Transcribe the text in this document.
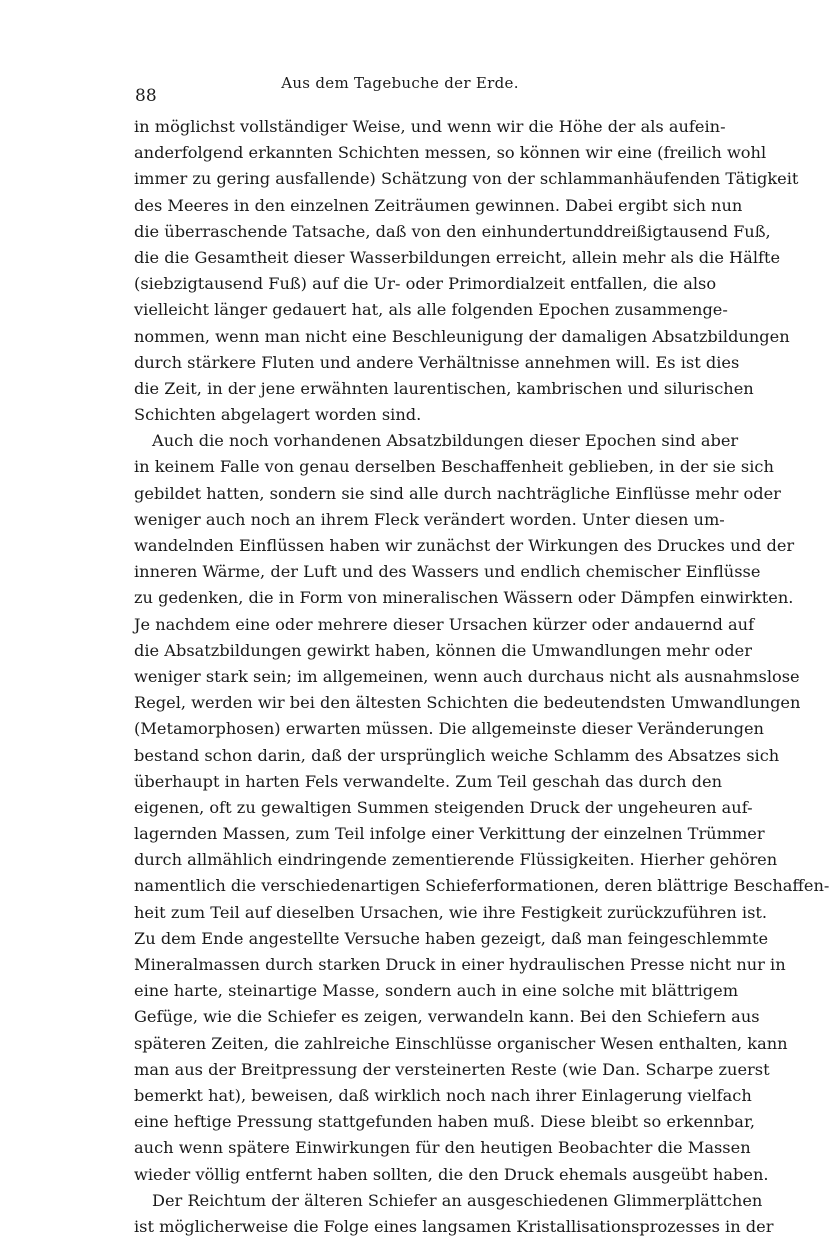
Aus dem Tagebuche der Erde.
88
in möglichst vollständiger Weise, und wenn wir die Höhe der als aufein-
anderfolgend erkannten Schichten messen, so können wir eine (freilich wohl
immer zu gering ausfallende) Schätzung von der schlammanhäufenden Tätigkeit
des Meeres in den einzelnen Zeiträumen gewinnen. Dabei ergibt sich nun
die überraschende Tatsache, daß von den einhundertunddreißigtausend Fuß,
die die Gesamtheit dieser Wasserbildungen erreicht, allein mehr als die Hälfte
(siebzigtausend Fuß) auf die Ur- oder Primordialzeit entfallen, die also
vielleicht länger gedauert hat, als alle folgenden Epochen zusammenge-
nommen, wenn man nicht eine Beschleunigung der damaligen Absatzbildungen
durch stärkere Fluten und andere Verhältnisse annehmen will. Es ist dies
die Zeit, in der jene erwähnten laurentischen, kambrischen und silurischen
Schichten abgelagert worden sind.
Auch die noch vorhandenen Absatzbildungen dieser Epochen sind aber
in keinem Falle von genau derselben Beschaffenheit geblieben, in der sie sich
gebildet hatten, sondern sie sind alle durch nachträgliche Einflüsse mehr oder
weniger auch noch an ihrem Fleck verändert worden. Unter diesen um-
wandelnden Einflüssen haben wir zunächst der Wirkungen des Druckes und der
inneren Wärme, der Luft und des Wassers und endlich chemischer Einflüsse
zu gedenken, die in Form von mineralischen Wässern oder Dämpfen einwirkten.
Je nachdem eine oder mehrere dieser Ursachen kürzer oder andauernd auf
die Absatzbildungen gewirkt haben, können die Umwandlungen mehr oder
weniger stark sein; im allgemeinen, wenn auch durchaus nicht als ausnahmslose
Regel, werden wir bei den ältesten Schichten die bedeutendsten Umwandlungen
(Metamorphosen) erwarten müssen. Die allgemeinste dieser Veränderungen
bestand schon darin, daß der ursprünglich weiche Schlamm des Absatzes sich
überhaupt in harten Fels verwandelte. Zum Teil geschah das durch den
eigenen, oft zu gewaltigen Summen steigenden Druck der ungeheuren auf-
lagernden Massen, zum Teil infolge einer Verkittung der einzelnen Trümmer
durch allmählich eindringende zementierende Flüssigkeiten. Hierher gehören
namentlich die verschiedenartigen Schieferformationen, deren blättrige Beschaffen-
heit zum Teil auf dieselben Ursachen, wie ihre Festigkeit zurückzuführen ist.
Zu dem Ende angestellte Versuche haben gezeigt, daß man feingeschlemmte
Mineralmassen durch starken Druck in einer hydraulischen Presse nicht nur in
eine harte, steinartige Masse, sondern auch in eine solche mit blättrigem
Gefüge, wie die Schiefer es zeigen, verwandeln kann. Bei den Schiefern aus
späteren Zeiten, die zahlreiche Einschlüsse organischer Wesen enthalten, kann
man aus der Breitpressung der versteinerten Reste (wie Dan. Scharpe zuerst
bemerkt hat), beweisen, daß wirklich noch nach ihrer Einlagerung vielfach
eine heftige Pressung stattgefunden haben muß. Diese bleibt so erkennbar,
auch wenn spätere Einwirkungen für den heutigen Beobachter die Massen
wieder völlig entfernt haben sollten, die den Druck ehemals ausgeübt haben.
Der Reichtum der älteren Schiefer an ausgeschiedenen Glimmerplättchen
ist möglicherweise die Folge eines langsamen Kristallisationsprozesses in der
